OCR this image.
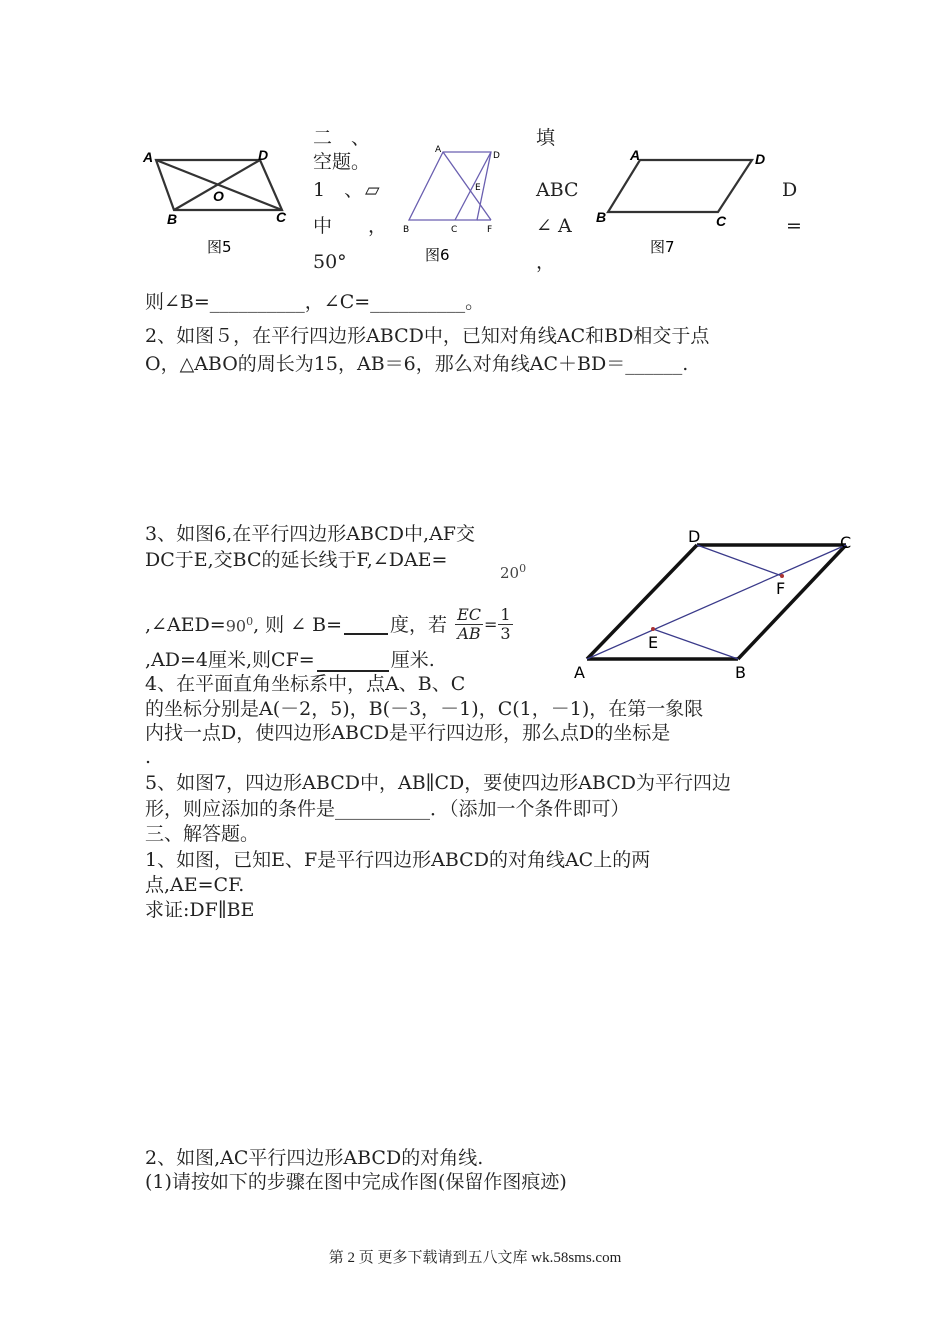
二　、	填
空题。
1　、 ▱	ABC	D
中 ，	∠ A	=
50°	，
则∠B=__________，∠C=__________。
A	D
B	C
O
图5
A
D
E
B	C	F
图6
A	D
B	C
图7
2、如图５，在平行四边形ABCD中，已知对角线AC和BD相交于点
O，△ABO的周长为15，AB＝6，那么对角线AC＋BD＝______.
3、如图6,在平行四边形ABCD中,AF交
DC于E,交BC的延长线于F,∠DAE=
$20^0$
,∠AED= $90^0$ , 则 ∠ B=	度，若 $\frac{EC}{AB} = \frac{1}{3}$
,AD=4厘米,则CF=	厘米.
D	C
F
E
A	B
4、在平面直角坐标系中，点A、B、C
的坐标分别是A(－2，5)，B(－3，－1)，C(1，－1)，在第一象限
内找一点D，使四边形ABCD是平行四边形，那么点D的坐标是
.
5、如图7，四边形ABCD中，AB∥CD，要使四边形ABCD为平行四边
形，则应添加的条件是__________．（添加一个条件即可）
三、解答题。
1、如图，已知E、F是平行四边形ABCD的对角线AC上的两
点,AE=CF.
求证:DF∥BE
2、如图,AC平行四边形ABCD的对角线.
(1)请按如下的步骤在图中完成作图(保留作图痕迹)
第 2 页 更多下载请到五八文库 wk.58sms.com
